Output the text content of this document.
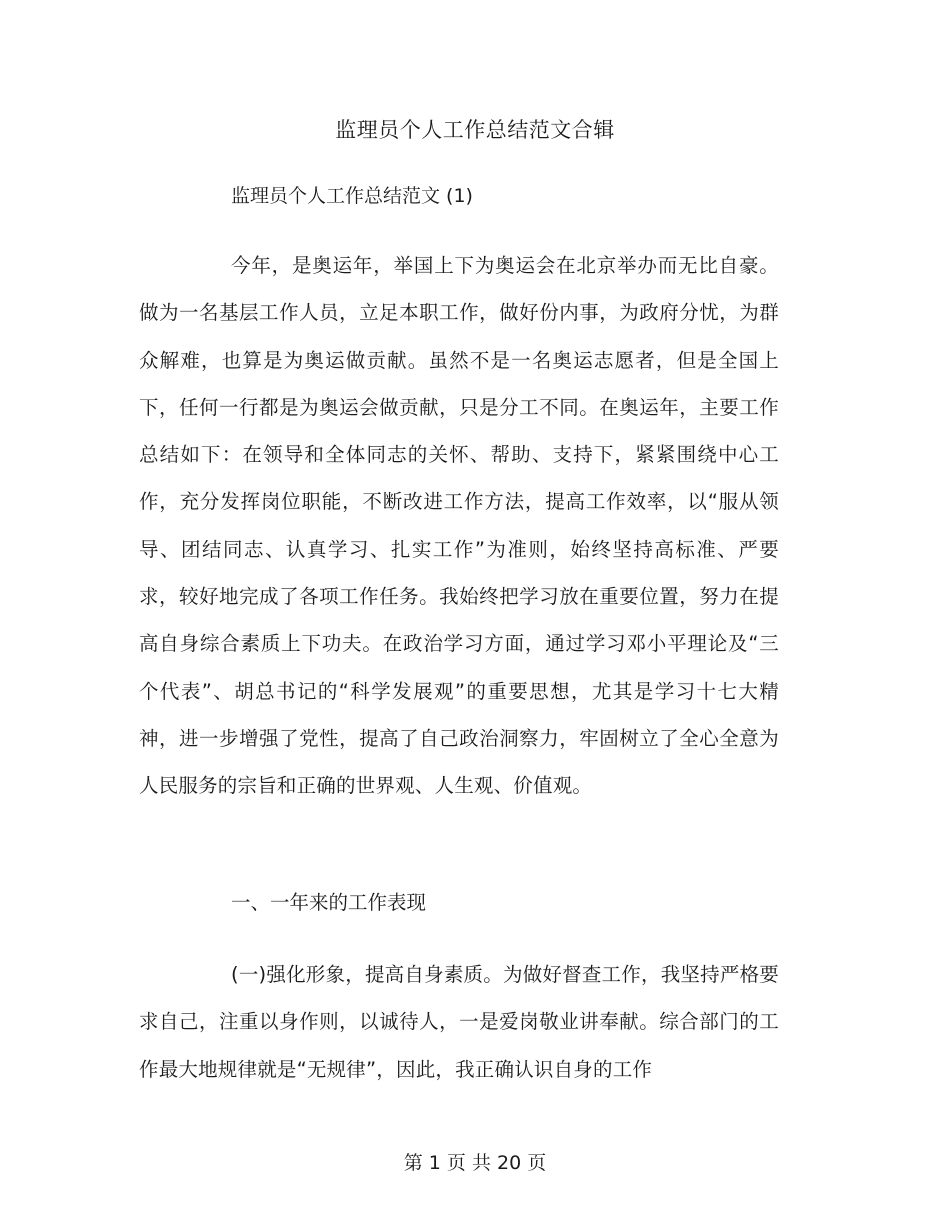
监理员个人工作总结范文合辑
监理员个人工作总结范文 (1)
今年，是奥运年，举国上下为奥运会在北京举办而无比自豪。做为一名基层工作人员，立足本职工作，做好份内事，为政府分忧，为群众解难，也算是为奥运做贡献。虽然不是一名奥运志愿者，但是全国上下，任何一行都是为奥运会做贡献，只是分工不同。在奥运年，主要工作总结如下：在领导和全体同志的关怀、帮助、支持下，紧紧围绕中心工作，充分发挥岗位职能，不断改进工作方法，提高工作效率，以“服从领导、团结同志、认真学习、扎实工作”为准则，始终坚持高标准、严要求，较好地完成了各项工作任务。我始终把学习放在重要位置，努力在提高自身综合素质上下功夫。在政治学习方面，通过学习邓小平理论及“三个代表”、胡总书记的“科学发展观”的重要思想，尤其是学习十七大精神，进一步增强了党性，提高了自己政治洞察力，牢固树立了全心全意为人民服务的宗旨和正确的世界观、人生观、价值观。
一、一年来的工作表现
(一)强化形象，提高自身素质。为做好督查工作，我坚持严格要求自己，注重以身作则，以诚待人，一是爱岗敬业讲奉献。综合部门的工作最大地规律就是“无规律”，因此，我正确认识自身的工作
第 1 页 共 20 页
